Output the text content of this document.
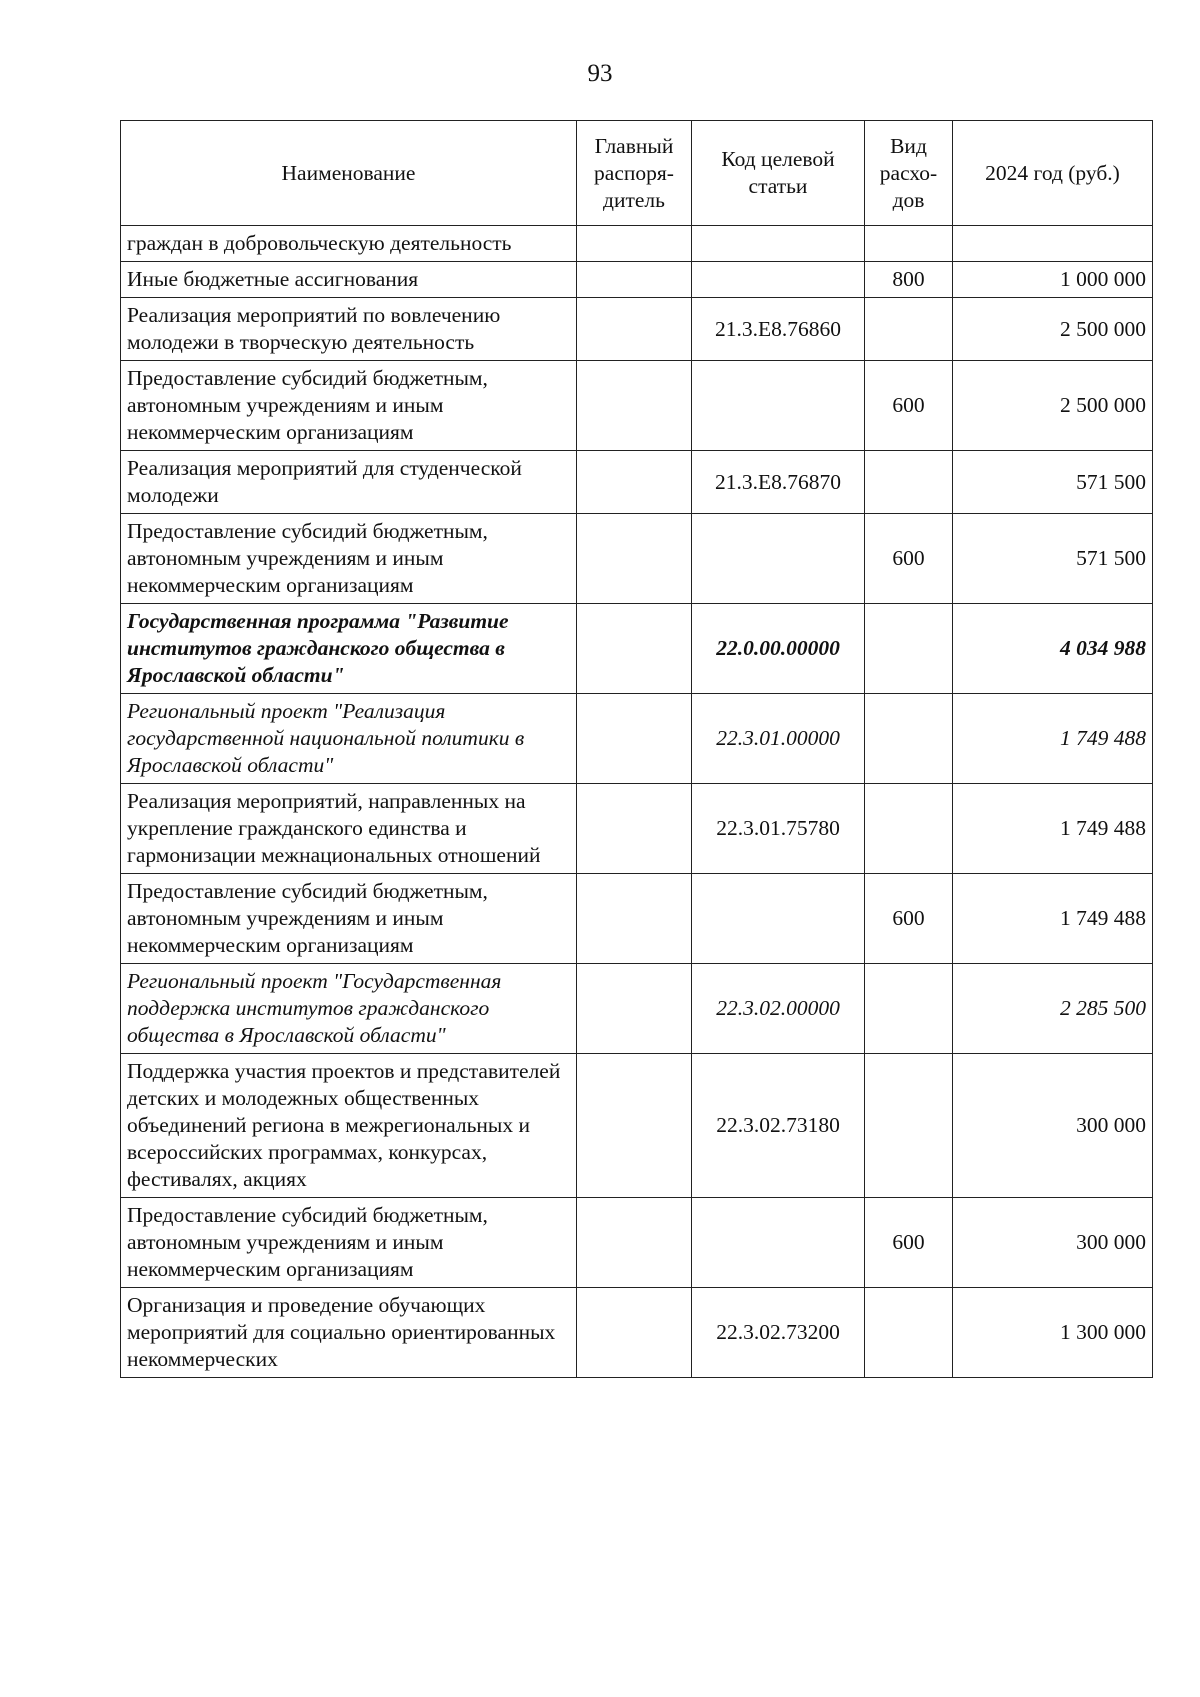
93
Наименование	Главный распоря-дитель	Код целевой статьи	Вид расхо-дов	2024 год (руб.)
граждан в добровольческую деятельность				
Иные бюджетные ассигнования			800	1 000 000
Реализация мероприятий по вовлечению молодежи в творческую деятельность		21.3.Е8.76860		2 500 000
Предоставление субсидий бюджетным, автономным учреждениям и иным некоммерческим организациям			600	2 500 000
Реализация мероприятий для студенческой молодежи		21.3.Е8.76870		571 500
Предоставление субсидий бюджетным, автономным учреждениям и иным некоммерческим организациям			600	571 500
Государственная программа "Развитие институтов гражданского общества в Ярославской области"		22.0.00.00000		4 034 988
Региональный проект "Реализация государственной национальной политики в Ярославской области"		22.3.01.00000		1 749 488
Реализация мероприятий, направленных на укрепление гражданского единства и гармонизации межнациональных отношений		22.3.01.75780		1 749 488
Предоставление субсидий бюджетным, автономным учреждениям и иным некоммерческим организациям			600	1 749 488
Региональный проект "Государственная поддержка институтов гражданского общества в Ярославской области"		22.3.02.00000		2 285 500
Поддержка участия проектов и представителей детских и молодежных общественных объединений региона в межрегиональных и всероссийских программах, конкурсах, фестивалях, акциях		22.3.02.73180		300 000
Предоставление субсидий бюджетным, автономным учреждениям и иным некоммерческим организациям			600	300 000
Организация и проведение обучающих мероприятий для социально ориентированных некоммерческих		22.3.02.73200		1 300 000
